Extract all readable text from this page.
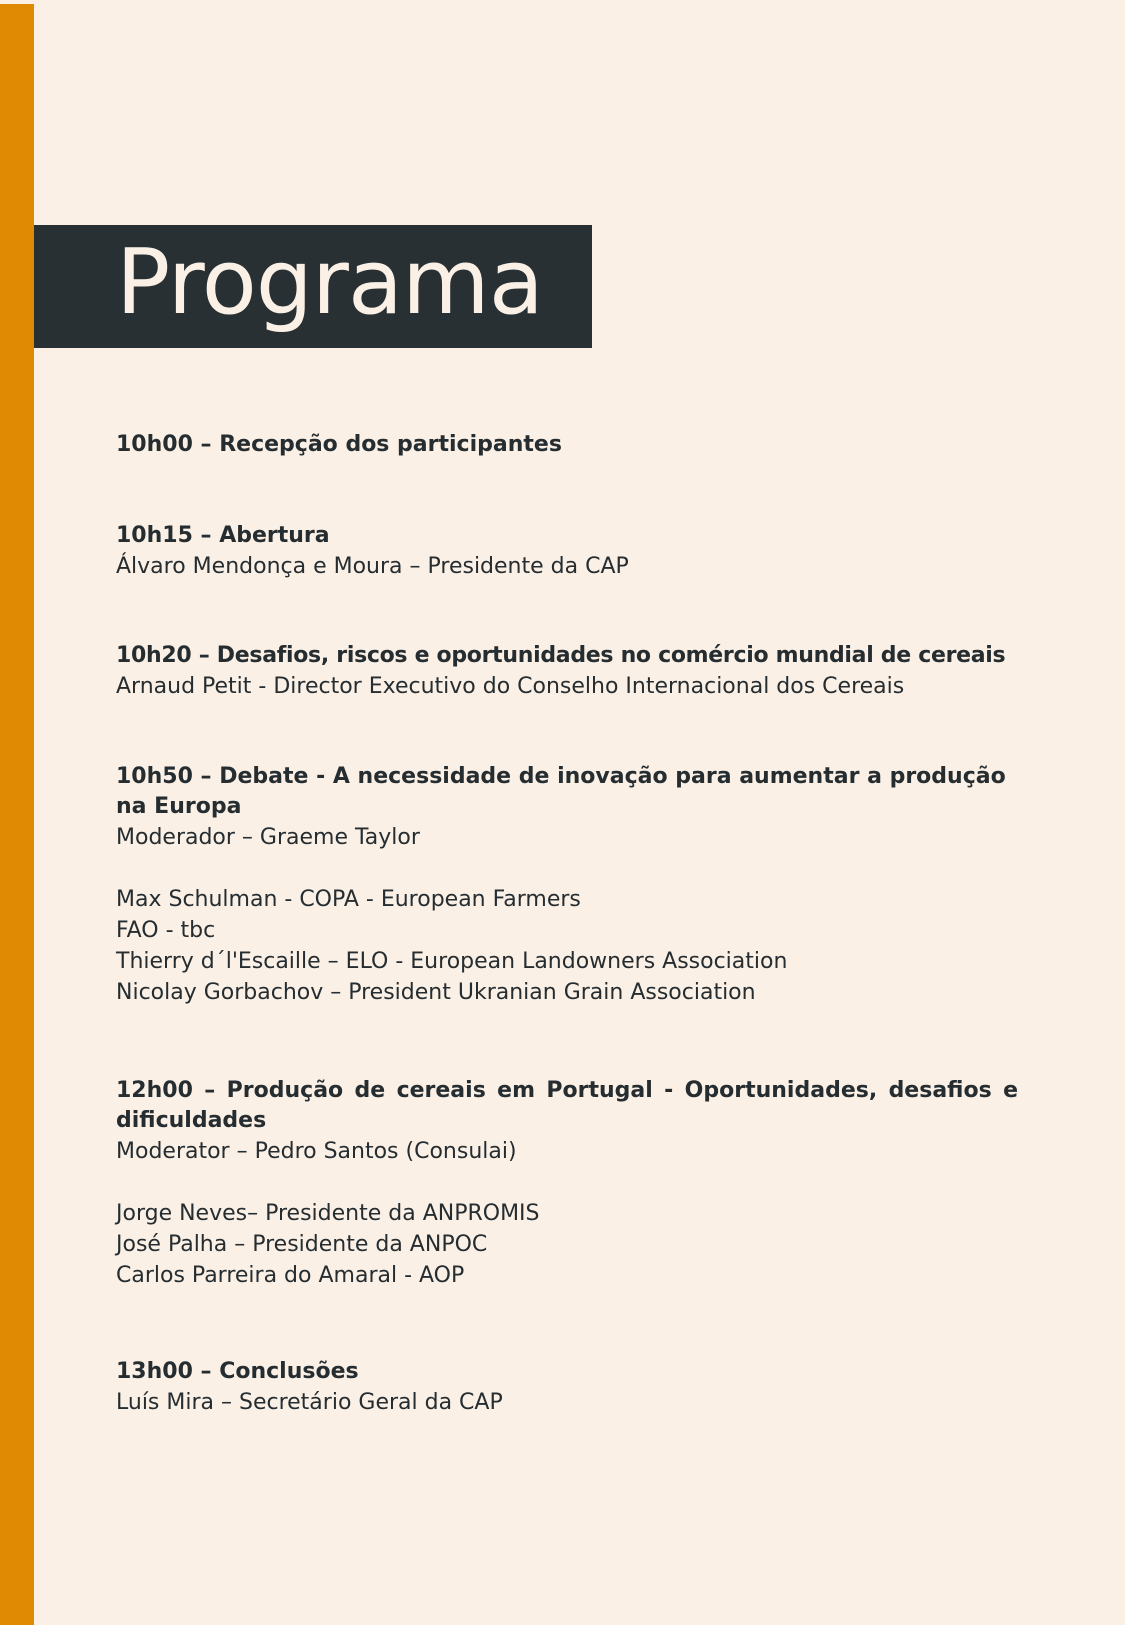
Programa

10h00 – Recepção dos participantes

10h15 – Abertura

Álvaro Mendonça e Moura – Presidente da CAP

10h20 – Desafios, riscos e oportunidades no comércio mundial de cereais

Arnaud Petit - Director Executivo do Conselho Internacional dos Cereais

10h50 – Debate - A necessidade de inovação para aumentar a produção na Europa

Moderador – Graeme Taylor

Max Schulman - COPA - European Farmers

FAO - tbc

Thierry d´l'Escaille – ELO - European Landowners Association

Nicolay Gorbachov – President Ukranian Grain Association

12h00 – Produção de cereais em Portugal - Oportunidades, desafios e dificuldades

Moderator – Pedro Santos (Consulai)

Jorge Neves– Presidente da ANPROMIS

José Palha – Presidente da ANPOC

Carlos Parreira do Amaral - AOP

13h00 – Conclusões

Luís Mira – Secretário Geral da CAP
